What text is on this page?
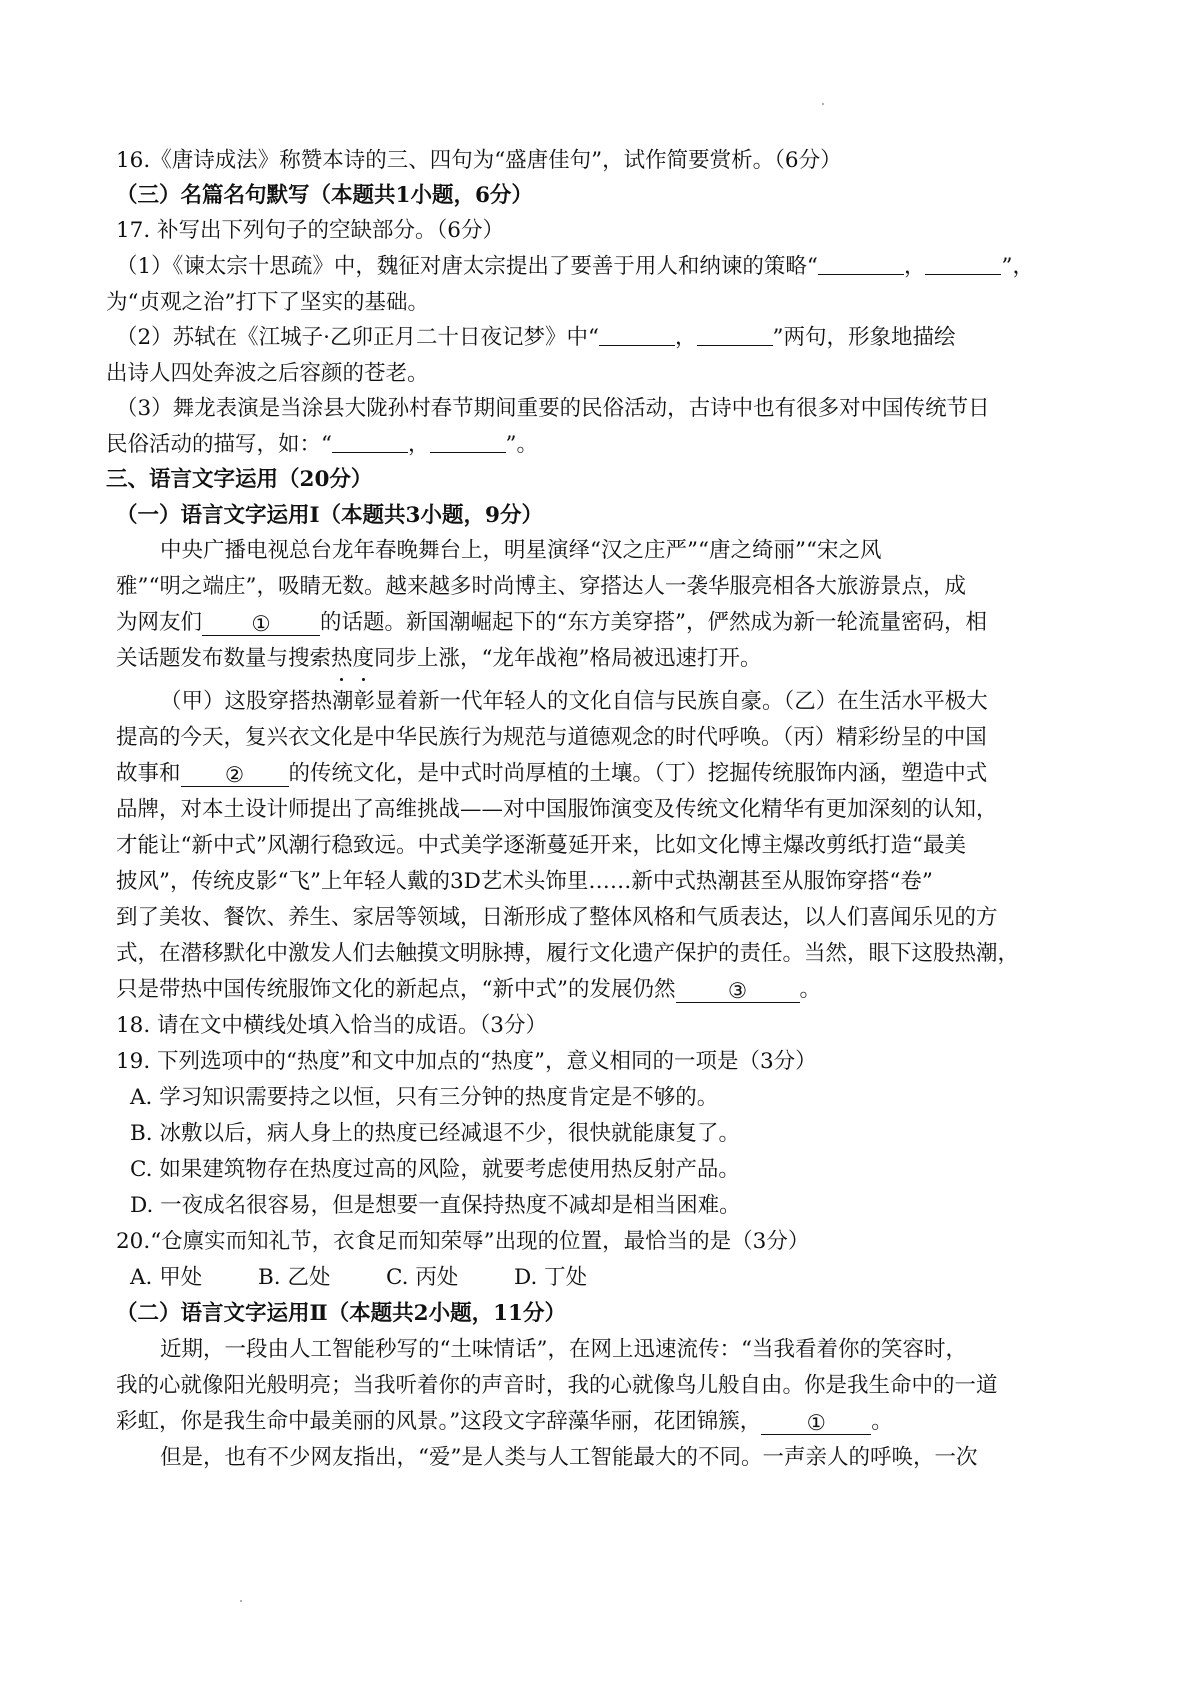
16.《唐诗成法》称赞本诗的三、四句为“盛唐佳句”，试作简要赏析。（6分）
（三）名篇名句默写（本题共1小题，6分）
17. 补写出下列句子的空缺部分。（6分）
（1）《谏太宗十思疏》中，魏征对唐太宗提出了要善于用人和纳谏的策略“	，	”，
为“贞观之治”打下了坚实的基础。
（2）苏轼在《江城子·乙卯正月二十日夜记梦》中“	，	”两句，形象地描绘
出诗人四处奔波之后容颜的苍老。
（3）舞龙表演是当涂县大陇孙村春节期间重要的民俗活动，古诗中也有很多对中国传统节日
民俗活动的描写，如：“	，	”。
三、语言文字运用（20分）
（一）语言文字运用Ⅰ（本题共3小题，9分）
中央广播电视总台龙年春晚舞台上，明星演绎“汉之庄严”“唐之绮丽”“宋之风
雅”“明之端庄”，吸睛无数。越来越多时尚博主、穿搭达人一袭华服亮相各大旅游景点，成
为网友们 ① 的话题。新国潮崛起下的“东方美穿搭”，俨然成为新一轮流量密码，相
关话题发布数量与搜索热度同步上涨，“龙年战袍”格局被迅速打开。
（甲）这股穿搭热潮彰显着新一代年轻人的文化自信与民族自豪。（乙）在生活水平极大
提高的今天，复兴衣文化是中华民族行为规范与道德观念的时代呼唤。（丙）精彩纷呈的中国
故事和 ② 的传统文化，是中式时尚厚植的土壤。（丁）挖掘传统服饰内涵，塑造中式
品牌，对本土设计师提出了高维挑战——对中国服饰演变及传统文化精华有更加深刻的认知，
才能让“新中式”风潮行稳致远。中式美学逐渐蔓延开来，比如文化博主爆改剪纸打造“最美
披风”，传统皮影“飞”上年轻人戴的3D艺术头饰里……新中式热潮甚至从服饰穿搭“卷”
到了美妆、餐饮、养生、家居等领域，日渐形成了整体风格和气质表达，以人们喜闻乐见的方
式，在潜移默化中激发人们去触摸文明脉搏，履行文化遗产保护的责任。当然，眼下这股热潮，
只是带热中国传统服饰文化的新起点，“新中式”的发展仍然 ③ 。
18. 请在文中横线处填入恰当的成语。（3分）
19. 下列选项中的“热度”和文中加点的“热度”，意义相同的一项是（3分）
A. 学习知识需要持之以恒，只有三分钟的热度肯定是不够的。
B. 冰敷以后，病人身上的热度已经减退不少，很快就能康复了。
C. 如果建筑物存在热度过高的风险，就要考虑使用热反射产品。
D. 一夜成名很容易，但是想要一直保持热度不减却是相当困难。
20.“仓廪实而知礼节，衣食足而知荣辱”出现的位置，最恰当的是（3分）
A. 甲处	B. 乙处	C. 丙处	D. 丁处
（二）语言文字运用Ⅱ（本题共2小题，11分）
近期，一段由人工智能秒写的“土味情话”，在网上迅速流传：“当我看着你的笑容时，
我的心就像阳光般明亮；当我听着你的声音时，我的心就像鸟儿般自由。你是我生命中的一道
彩虹，你是我生命中最美丽的风景。”这段文字辞藻华丽，花团锦簇， ① 。
但是，也有不少网友指出，“爱”是人类与人工智能最大的不同。一声亲人的呼唤，一次
